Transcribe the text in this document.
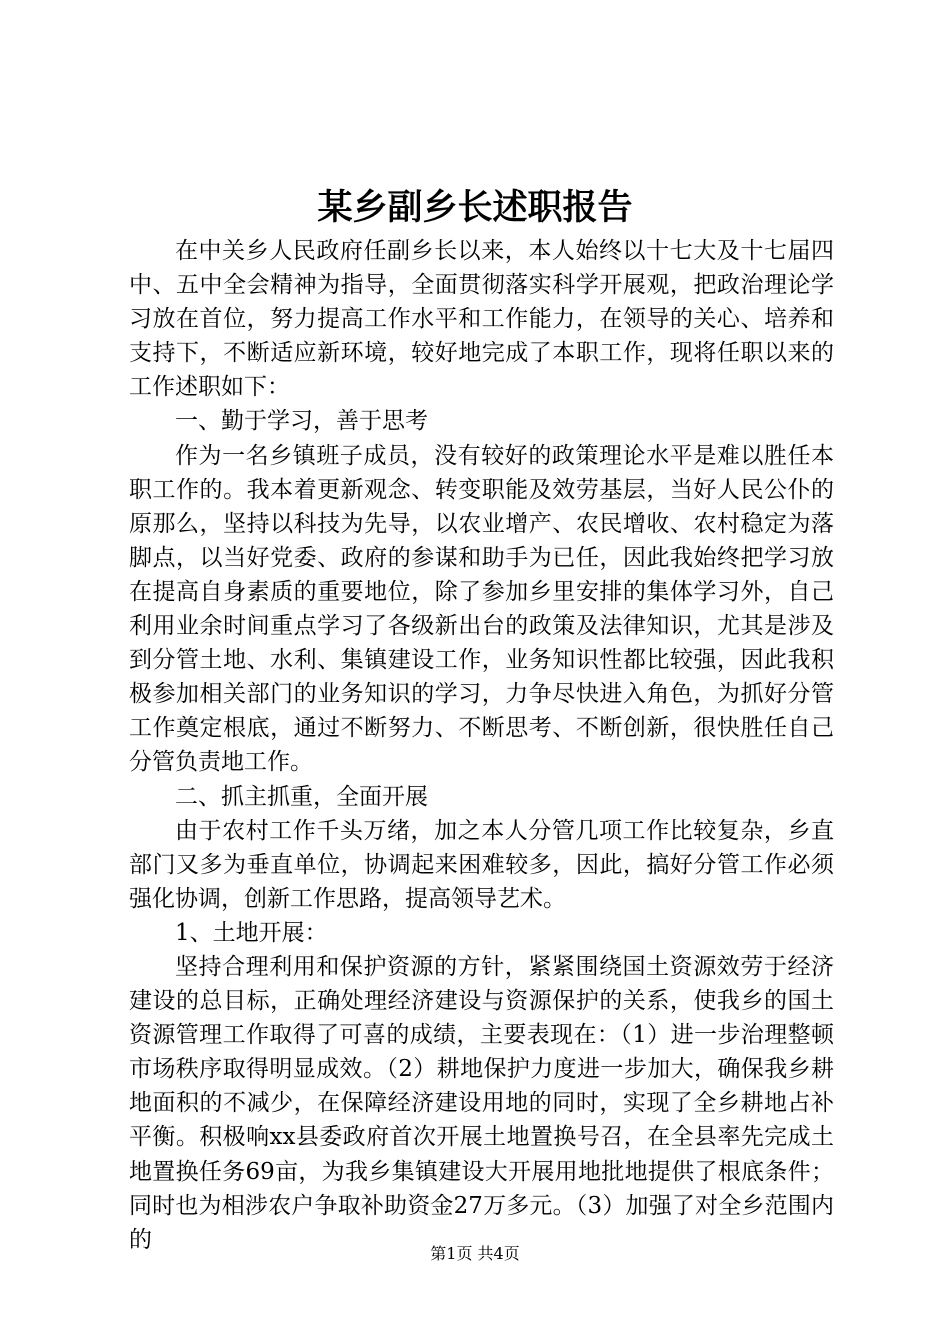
某乡副乡长述职报告

在中关乡人民政府任副乡长以来，本人始终以十七大及十七届四中、五中全会精神为指导，全面贯彻落实科学开展观，把政治理论学习放在首位，努力提高工作水平和工作能力，在领导的关心、培养和支持下，不断适应新环境，较好地完成了本职工作，现将任职以来的工作述职如下：

一、勤于学习，善于思考

作为一名乡镇班子成员，没有较好的政策理论水平是难以胜任本职工作的。我本着更新观念、转变职能及效劳基层，当好人民公仆的原那么，坚持以科技为先导，以农业增产、农民增收、农村稳定为落脚点，以当好党委、政府的参谋和助手为已任，因此我始终把学习放在提高自身素质的重要地位，除了参加乡里安排的集体学习外，自己利用业余时间重点学习了各级新出台的政策及法律知识，尤其是涉及到分管土地、水利、集镇建设工作，业务知识性都比较强，因此我积极参加相关部门的业务知识的学习，力争尽快进入角色，为抓好分管工作奠定根底，通过不断努力、不断思考、不断创新，很快胜任自己分管负责地工作。

二、抓主抓重，全面开展

由于农村工作千头万绪，加之本人分管几项工作比较复杂，乡直部门又多为垂直单位，协调起来困难较多，因此，搞好分管工作必须强化协调，创新工作思路，提高领导艺术。

1、土地开展：

坚持合理利用和保护资源的方针，紧紧围绕国土资源效劳于经济建设的总目标，正确处理经济建设与资源保护的关系，使我乡的国土资源管理工作取得了可喜的成绩，主要表现在：（1）进一步治理整顿市场秩序取得明显成效。（2）耕地保护力度进一步加大，确保我乡耕地面积的不减少，在保障经济建设用地的同时，实现了全乡耕地占补平衡。积极响xx县委政府首次开展土地置换号召，在全县率先完成土地置换任务69亩，为我乡集镇建设大开展用地批地提供了根底条件；同时也为相涉农户争取补助资金27万多元。（3）加强了对全乡范围内的

第1页 共4页
